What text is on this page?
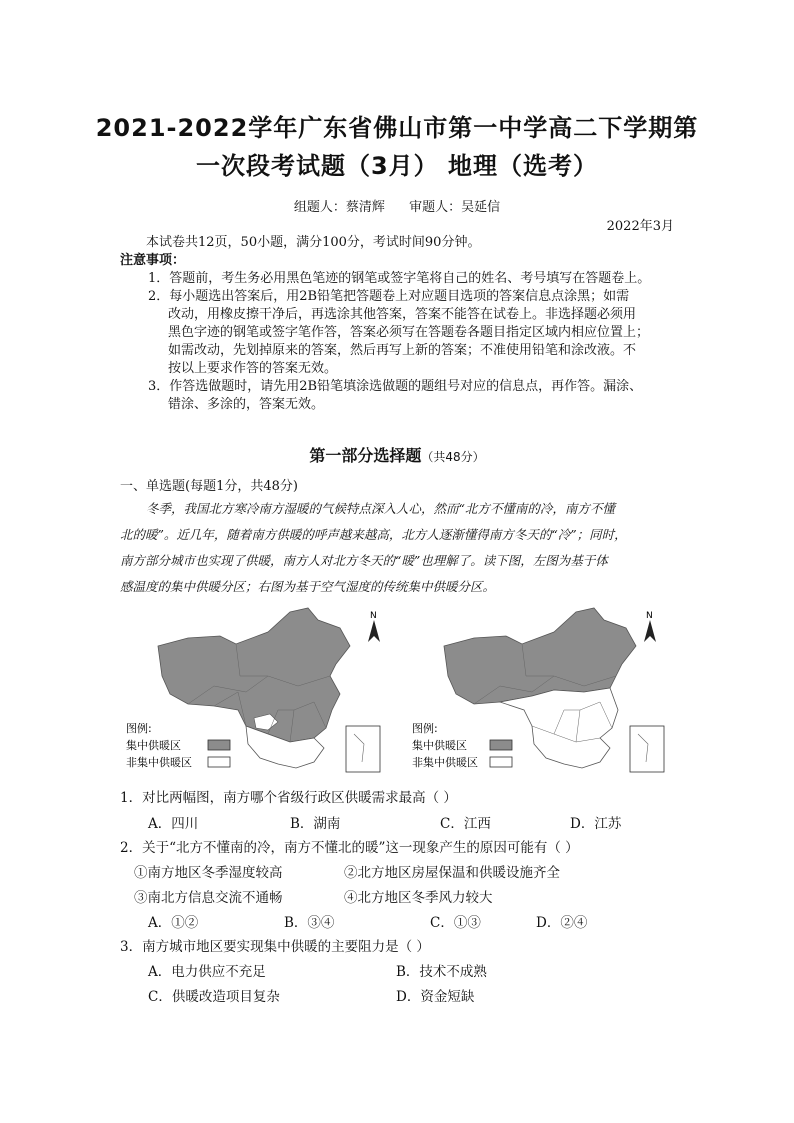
2021-2022学年广东省佛山市第一中学高二下学期第
一次段考试题（3月） 地理（选考）
组题人：蔡清辉 审题人：吴延信
2022年3月
本试卷共12页，50小题，满分100分，考试时间90分钟。
注意事项：
1．答题前，考生务必用黑色笔迹的钢笔或签字笔将自己的姓名、考号填写在答题卷上。
2．每小题选出答案后，用2B铅笔把答题卷上对应题目选项的答案信息点涂黑；如需
改动，用橡皮擦干净后，再选涂其他答案，答案不能答在试卷上。非选择题必须用
黑色字迹的钢笔或签字笔作答，答案必须写在答题卷各题目指定区域内相应位置上；
如需改动，先划掉原来的答案，然后再写上新的答案；不准使用铅笔和涂改液。不
按以上要求作答的答案无效。
3．作答选做题时，请先用2B铅笔填涂选做题的题组号对应的信息点，再作答。漏涂、
错涂、多涂的，答案无效。
第一部分选择题（共48分）
一、单选题(每题1分，共48分)
冬季，我国北方寒冷南方湿暖的气候特点深入人心，然而“北方不懂南的冷，南方不懂
北的暖”。近几年，随着南方供暖的呼声越来越高，北方人逐渐懂得南方冬天的“冷”；同时，
南方部分城市也实现了供暖，南方人对北方冬天的“暖”也理解了。读下图，左图为基于体
感温度的集中供暖分区；右图为基于空气湿度的传统集中供暖分区。
N
图例:
集中供暖区
非集中供暖区
N
图例:
集中供暖区
非集中供暖区
1．对比两幅图，南方哪个省级行政区供暖需求最高（ ）
A．四川	B．湖南	C．江西	D．江苏
2．关于“北方不懂南的冷，南方不懂北的暖”这一现象产生的原因可能有（ ）
①南方地区冬季湿度较高	②北方地区房屋保温和供暖设施齐全
③南北方信息交流不通畅	④北方地区冬季风力较大
A．①②	B．③④	C．①③	D．②④
3．南方城市地区要实现集中供暖的主要阻力是（ ）
A．电力供应不充足	B．技术不成熟
C．供暖改造项目复杂	D．资金短缺
